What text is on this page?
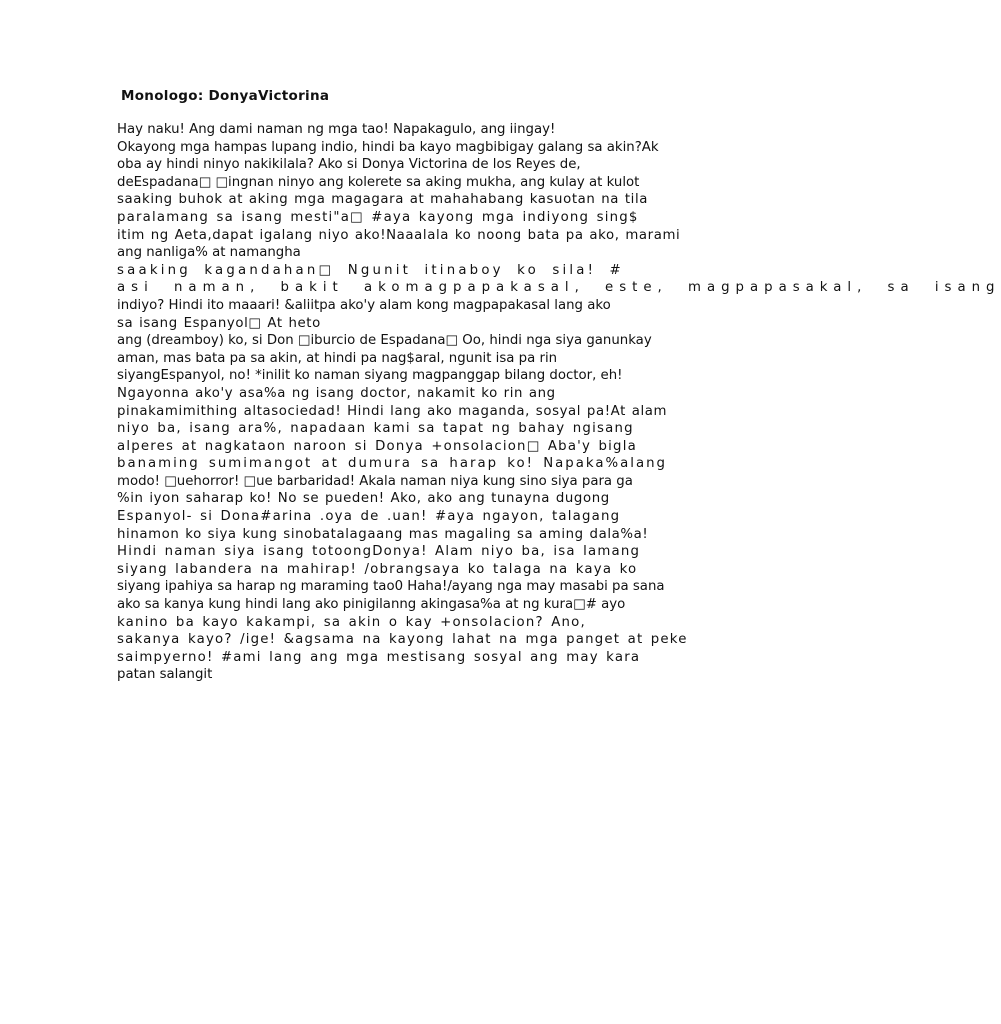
Monologo: DonyaVictorina
Hay naku! Ang dami naman ng mga tao! Napakagulo, ang iingay!
Okayong mga hampas lupang indio, hindi ba kayo magbibigay galang sa akin?Ak
oba ay hindi ninyo nakikilala? Ako si Donya Victorina de los Reyes de,
deEspadana□ □ingnan ninyo ang kolerete sa aking mukha, ang kulay at kulot
saaking buhok at aking mga magagara at mahahabang kasuotan na tila
paralamang sa isang mesti"a□ #aya kayong mga indiyong sing$
itim ng Aeta,dapat igalang niyo ako!Naaalala ko noong bata pa ako, marami
ang nanliga% at namangha
saaking kagandahan□ Ngunit itinaboy ko sila! #
asi naman, bakit akomagpapakasal, este, magpapasakal, sa isang
indiyo? Hindi ito maaari! &aliitpa ako'y alam kong magpapakasal lang ako
sa isang Espanyol□ At heto
ang (dreamboy) ko, si Don □iburcio de Espadana□ Oo, hindi nga siya ganunkay
aman, mas bata pa sa akin, at hindi pa nag$aral, ngunit isa pa rin
siyangEspanyol, no! *inilit ko naman siyang magpanggap bilang doctor, eh!
Ngayonna ako'y asa%a ng isang doctor, nakamit ko rin ang
pinakamimithing altasociedad! Hindi lang ako maganda, sosyal pa!At alam
niyo ba, isang ara%, napadaan kami sa tapat ng bahay ngisang
alperes at nagkataon naroon si Donya +onsolacion□ Aba'y bigla
banaming sumimangot at dumura sa harap ko! Napaka%alang
modo! □uehorror! □ue barbaridad! Akala naman niya kung sino siya para ga
%in iyon saharap ko! No se pueden! Ako, ako ang tunayna dugong
Espanyol- si Dona#arina .oya de .uan! #aya ngayon, talagang
hinamon ko siya kung sinobatalagaang mas magaling sa aming dala%a!
Hindi naman siya isang totoongDonya! Alam niyo ba, isa lamang
siyang labandera na mahirap! /obrangsaya ko talaga na kaya ko
siyang ipahiya sa harap ng maraming tao0 Haha!/ayang nga may masabi pa sana
ako sa kanya kung hindi lang ako pinigilanng akingasa%a at ng kura□# ayo
kanino ba kayo kakampi, sa akin o kay +onsolacion? Ano,
sakanya kayo? /ige! &agsama na kayong lahat na mga panget at peke
saimpyerno! #ami lang ang mga mestisang sosyal ang may kara
patan salangit
